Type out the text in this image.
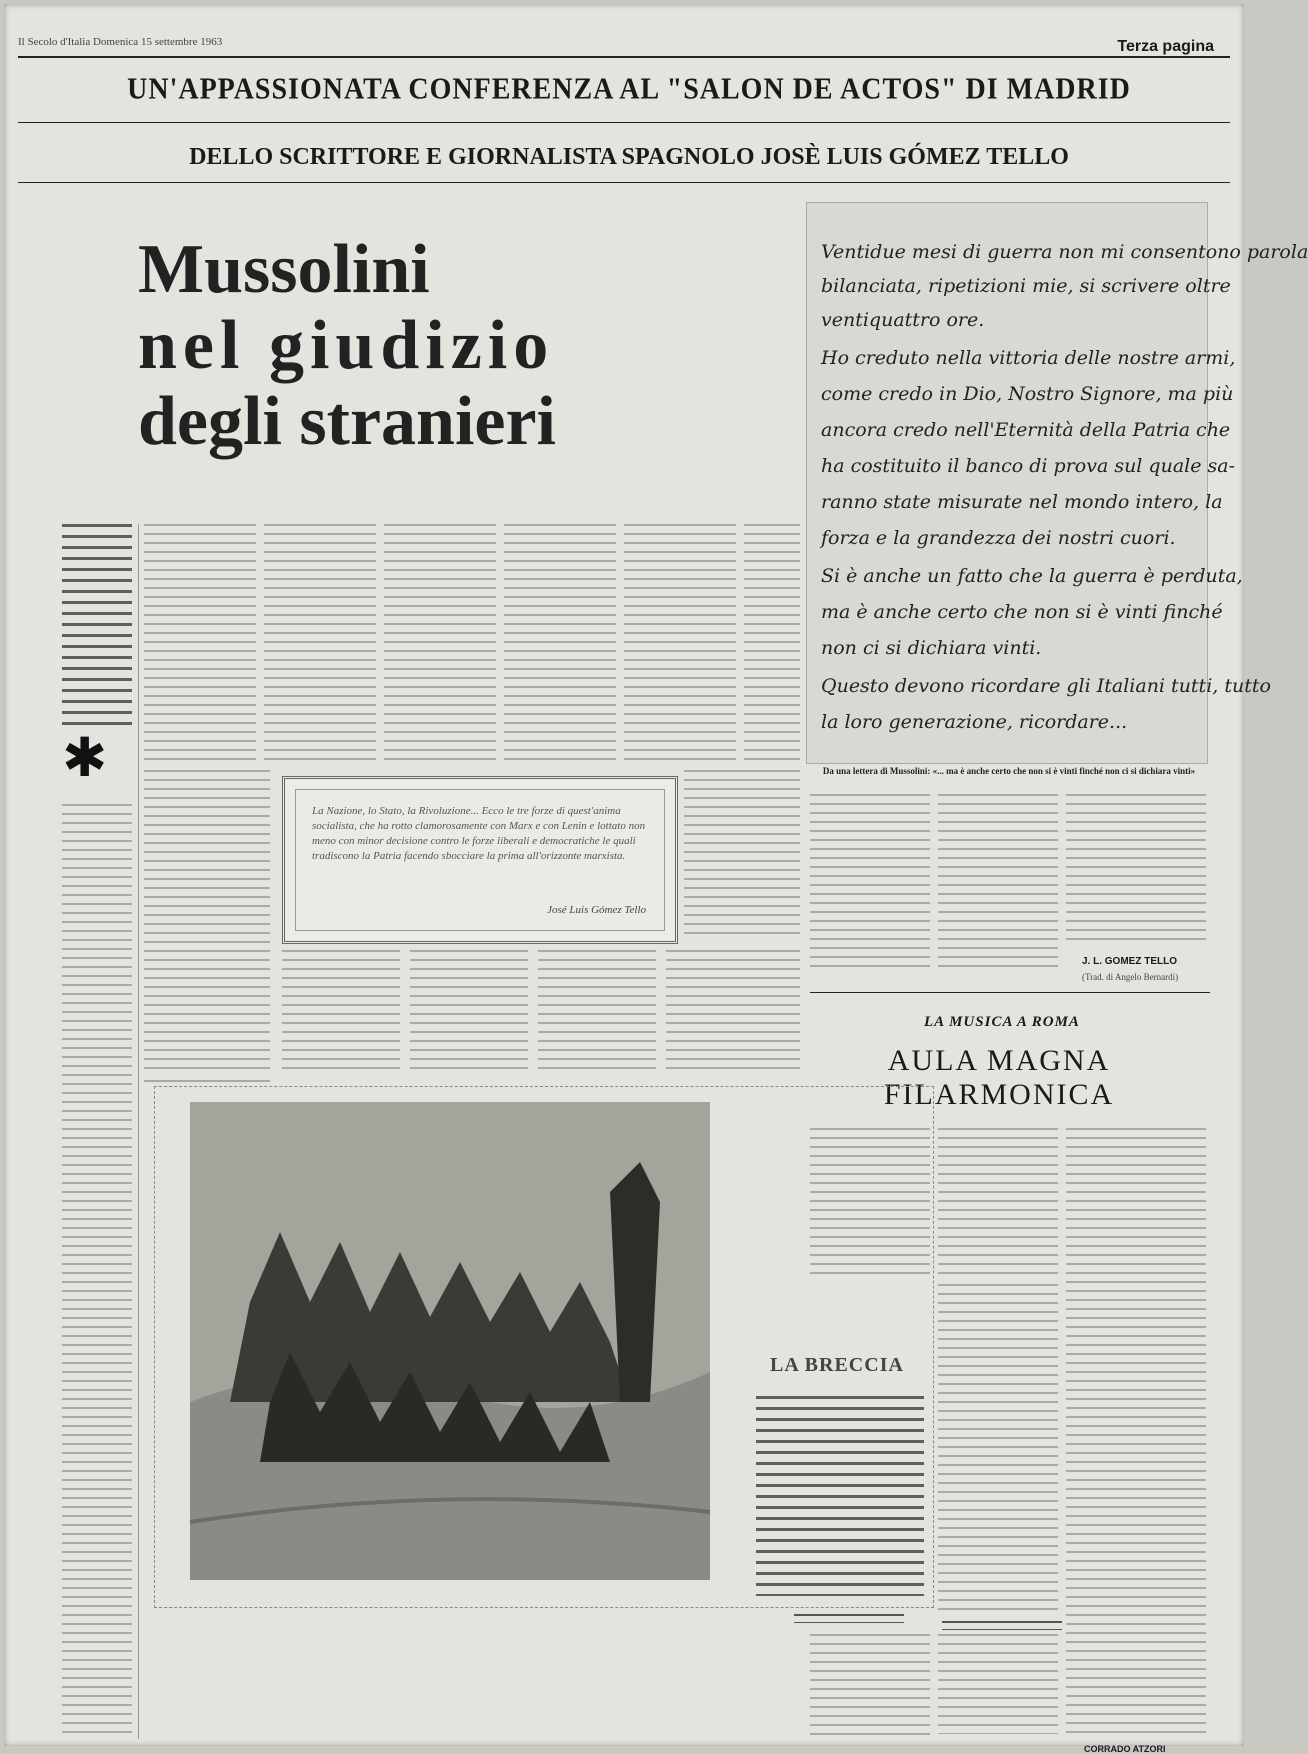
Il Secolo d'Italia Domenica 15 settembre 1963	Terza pagina
UN'APPASSIONATA CONFERENZA AL "SALON DE ACTOS" DI MADRID
DELLO SCRITTORE E GIORNALISTA SPAGNOLO JOSÈ LUIS GÓMEZ TELLO
Mussolini
nel giudizio
degli stranieri
✱
La Nazione, lo Stato, la Rivoluzione... Ecco le tre forze di quest'anima socialista, che ha rotto clamorosamente con Marx e con Lenin e lottato non meno con minor decisione contro le forze liberali e democratiche le quali tradiscono la Patria facendo sbocciare la prima all'orizzonte marxista.
José Luis Gómez Tello
Ventidue mesi di guerra non mi consentono parola
bilanciata, ripetizioni mie, si scrivere oltre
ventiquattro ore.
Ho creduto nella vittoria delle nostre armi,
come credo in Dio, Nostro Signore, ma più
ancora credo nell'Eternità della Patria che
ha costituito il banco di prova sul quale sa-
ranno state misurate nel mondo intero, la
forza e la grandezza dei nostri cuori.
Si è anche un fatto che la guerra è perduta,
ma è anche certo che non si è vinti finché
non ci si dichiara vinti.
Questo devono ricordare gli Italiani tutti, tutto
la loro generazione, ricordare...
Da una lettera di Mussolini: «... ma è anche certo che non si è vinti finché non ci si dichiara vinti»
J. L. GOMEZ TELLO
(Trad. di Angelo Bernardi)
LA MUSICA A ROMA
AULA MAGNA
FILARMONICA
CORRADO ATZORI
LA BRECCIA
